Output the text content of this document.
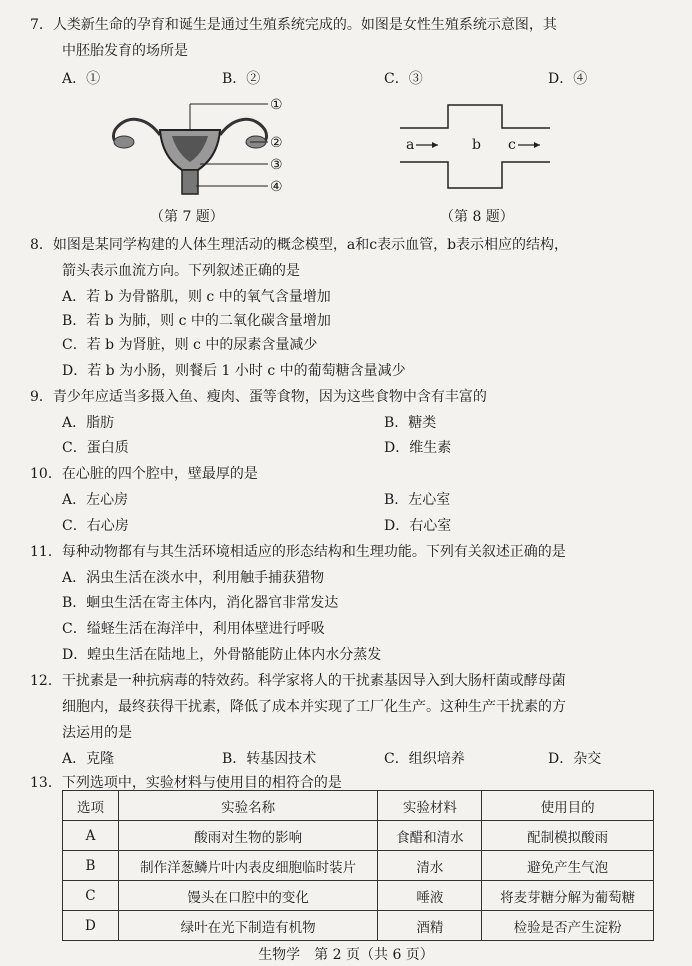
7．人类新生命的孕育和诞生是通过生殖系统完成的。如图是女性生殖系统示意图，其
中胚胎发育的场所是
A．①	B．②	C．③	D．④
①
②
③
④
（第 7 题）
a	b c
（第 8 题）
8．如图是某同学构建的人体生理活动的概念模型，a和c表示血管，b表示相应的结构，
箭头表示血流方向。下列叙述正确的是
A．若 b 为骨骼肌，则 c 中的氧气含量增加
B．若 b 为肺，则 c 中的二氧化碳含量增加
C．若 b 为肾脏，则 c 中的尿素含量减少
D．若 b 为小肠，则餐后 1 小时 c 中的葡萄糖含量减少
9．青少年应适当多摄入鱼、瘦肉、蛋等食物，因为这些食物中含有丰富的
A．脂肪	B．糖类
C．蛋白质	D．维生素
10．在心脏的四个腔中，壁最厚的是
A．左心房	B．左心室
C．右心房	D．右心室
11．每种动物都有与其生活环境相适应的形态结构和生理功能。下列有关叙述正确的是
A．涡虫生活在淡水中，利用触手捕获猎物
B．蛔虫生活在寄主体内，消化器官非常发达
C．缢蛏生活在海洋中，利用体壁进行呼吸
D．蝗虫生活在陆地上，外骨骼能防止体内水分蒸发
12．干扰素是一种抗病毒的特效药。科学家将人的干扰素基因导入到大肠杆菌或酵母菌
细胞内，最终获得干扰素，降低了成本并实现了工厂化生产。这种生产干扰素的方
法运用的是
A．克隆	B．转基因技术	C．组织培养	D．杂交
13．下列选项中，实验材料与使用目的相符合的是
选项	实验名称	实验材料	使用目的
A	酸雨对生物的影响	食醋和清水	配制模拟酸雨
B	制作洋葱鳞片叶内表皮细胞临时装片	清水	避免产生气泡
C	馒头在口腔中的变化	唾液	将麦芽糖分解为葡萄糖
D	绿叶在光下制造有机物	酒精	检验是否产生淀粉
生物学　第 2 页（共 6 页）
